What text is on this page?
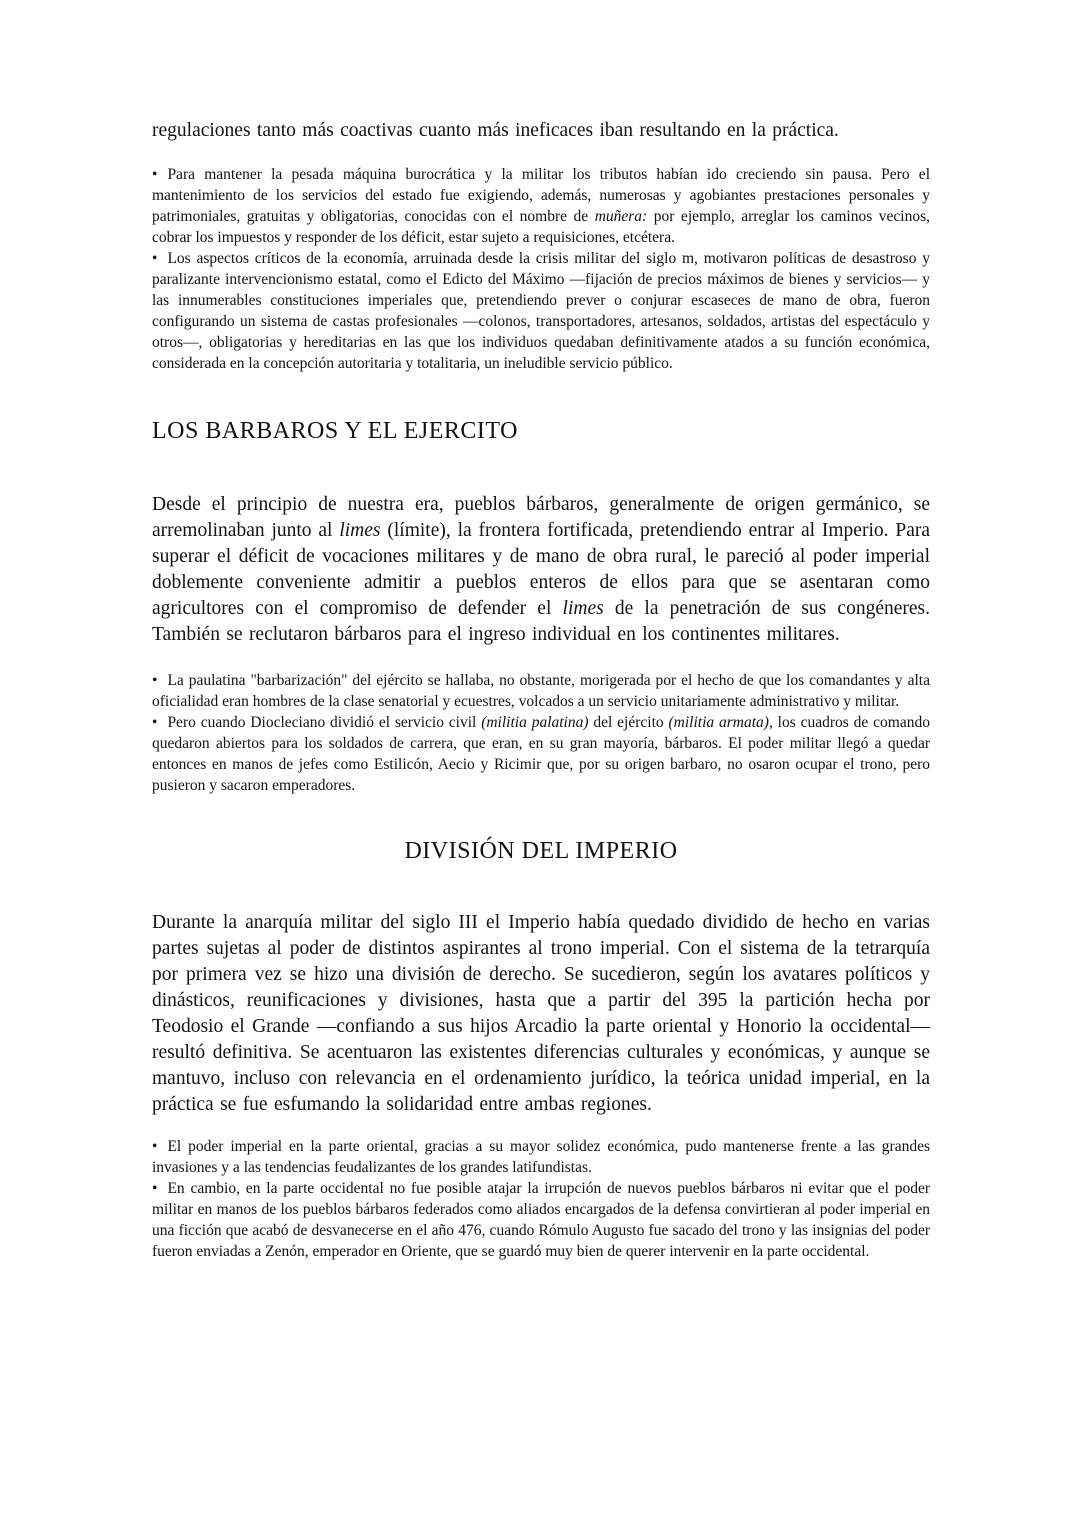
regulaciones tanto más coactivas cuanto más ineficaces iban resultando en la práctica.

• Para mantener la pesada máquina burocrática y la militar los tributos habían ido creciendo sin pausa. Pero el mantenimiento de los servicios del estado fue exigiendo, además, numerosas y agobiantes prestaciones personales y patrimoniales, gratuitas y obligatorias, conocidas con el nombre de muñera: por ejemplo, arreglar los caminos vecinos, cobrar los impuestos y responder de los déficit, estar sujeto a requisiciones, etcétera.

• Los aspectos críticos de la economía, arruinada desde la crisis militar del siglo m, motivaron políticas de desastroso y paralizante intervencionismo estatal, como el Edicto del Máximo —fijación de precios máximos de bienes y servicios— y las innumerables constituciones imperiales que, pretendiendo prever o conjurar escaseces de mano de obra, fueron configurando un sistema de castas profesionales —colonos, transportadores, artesanos, soldados, artistas del espectáculo y otros—, obligatorias y hereditarias en las que los individuos quedaban definitivamente atados a su función económica, considerada en la concepción autoritaria y totalitaria, un ineludible servicio público.

LOS BARBAROS Y EL EJERCITO

Desde el principio de nuestra era, pueblos bárbaros, generalmente de origen germánico, se arremolinaban junto al limes (límite), la frontera fortificada, pretendiendo entrar al Imperio. Para superar el déficit de vocaciones militares y de mano de obra rural, le pareció al poder imperial doblemente conveniente admitir a pueblos enteros de ellos para que se asentaran como agricultores con el compromiso de defender el limes de la penetración de sus congéneres. También se reclutaron bárbaros para el ingreso individual en los continentes militares.

• La paulatina "barbarización" del ejército se hallaba, no obstante, morigerada por el hecho de que los comandantes y alta oficialidad eran hombres de la clase senatorial y ecuestres, volcados a un servicio unitariamente administrativo y militar.

• Pero cuando Diocleciano dividió el servicio civil (militia palatina) del ejército (militia armata), los cuadros de comando quedaron abiertos para los soldados de carrera, que eran, en su gran mayoría, bárbaros. El poder militar llegó a quedar entonces en manos de jefes como Estilicón, Aecio y Ricimir que, por su origen barbaro, no osaron ocupar el trono, pero pusieron y sacaron emperadores.

DIVISIÓN DEL IMPERIO

Durante la anarquía militar del siglo III el Imperio había quedado dividido de hecho en varias partes sujetas al poder de distintos aspirantes al trono imperial. Con el sistema de la tetrarquía por primera vez se hizo una división de derecho. Se sucedieron, según los avatares políticos y dinásticos, reunificaciones y divisiones, hasta que a partir del 395 la partición hecha por Teodosio el Grande —confiando a sus hijos Arcadio la parte oriental y Honorio la occidental— resultó definitiva. Se acentuaron las existentes diferencias culturales y económicas, y aunque se mantuvo, incluso con relevancia en el ordenamiento jurídico, la teórica unidad imperial, en la práctica se fue esfumando la solidaridad entre ambas regiones.

• El poder imperial en la parte oriental, gracias a su mayor solidez económica, pudo mantenerse frente a las grandes invasiones y a las tendencias feudalizantes de los grandes latifundistas.

• En cambio, en la parte occidental no fue posible atajar la irrupción de nuevos pueblos bárbaros ni evitar que el poder militar en manos de los pueblos bárbaros federados como aliados encargados de la defensa convirtieran al poder imperial en una ficción que acabó de desvanecerse en el año 476, cuando Rómulo Augusto fue sacado del trono y las insignias del poder fueron enviadas a Zenón, emperador en Oriente, que se guardó muy bien de querer intervenir en la parte occidental.
